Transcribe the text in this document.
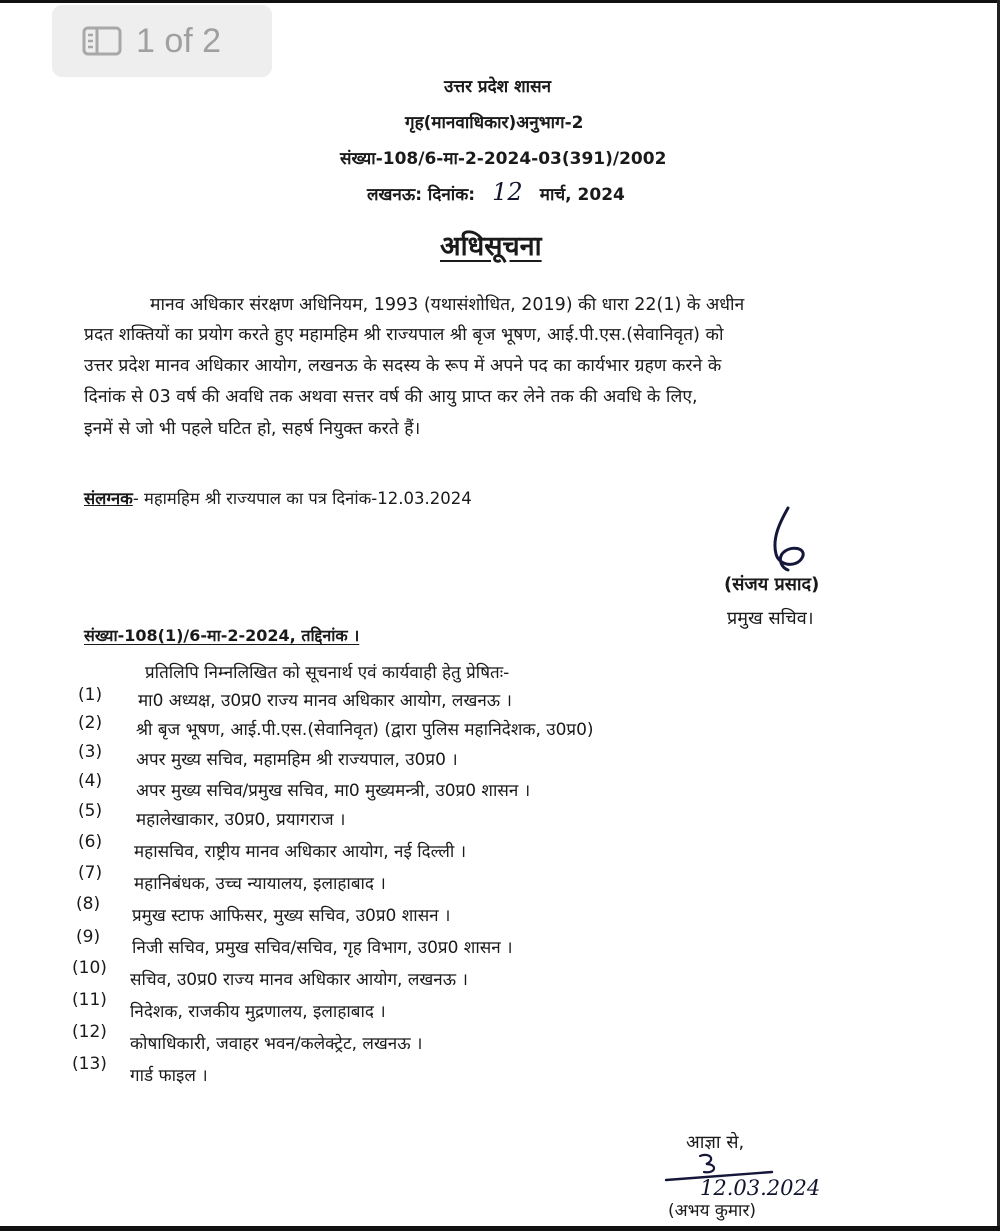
1 of 2
उत्तर प्रदेश शासन
गृह(मानवाधिकार)अनुभाग-2
संख्या-108/6-मा-2-2024-03(391)/2002
लखनऊ: दिनांक: 12 मार्च, 2024
अधिसूचना
मानव अधिकार संरक्षण अधिनियम, 1993 (यथासंशोधित, 2019) की धारा 22(1) के अधीन
प्रदत शक्तियों का प्रयोग करते हुए महामहिम श्री राज्यपाल श्री बृज भूषण, आई.पी.एस.(सेवानिवृत) को
उत्तर प्रदेश मानव अधिकार आयोग, लखनऊ के सदस्य के रूप में अपने पद का कार्यभार ग्रहण करने के
दिनांक से 03 वर्ष की अवधि तक अथवा सत्तर वर्ष की आयु प्राप्त कर लेने तक की अवधि के लिए,
इनमें से जो भी पहले घटित हो, सहर्ष नियुक्त करते हैं।
संलग्नक- महामहिम श्री राज्यपाल का पत्र दिनांक-12.03.2024
(संजय प्रसाद)
प्रमुख सचिव।
संख्या-108(1)/6-मा-2-2024, तद्दिनांक ।
प्रतिलिपि निम्नलिखित को सूचनार्थ एवं कार्यवाही हेतु प्रेषितः-
(1)	मा0 अध्यक्ष, उ0प्र0 राज्य मानव अधिकार आयोग, लखनऊ ।
(2)	श्री बृज भूषण, आई.पी.एस.(सेवानिवृत) (द्वारा पुलिस महानिदेशक, उ0प्र0)
(3)	अपर मुख्य सचिव, महामहिम श्री राज्यपाल, उ0प्र0 ।
(4)	अपर मुख्य सचिव/प्रमुख सचिव, मा0 मुख्यमन्त्री, उ0प्र0 शासन ।
(5)	महालेखाकार, उ0प्र0, प्रयागराज ।
(6)	महासचिव, राष्ट्रीय मानव अधिकार आयोग, नई दिल्ली ।
(7)
महानिबंधक, उच्च न्यायालय, इलाहाबाद ।
(8)
प्रमुख स्टाफ आफिसर, मुख्य सचिव, उ0प्र0 शासन ।
(9)
निजी सचिव, प्रमुख सचिव/सचिव, गृह विभाग, उ0प्र0 शासन ।
(10)
सचिव, उ0प्र0 राज्य मानव अधिकार आयोग, लखनऊ ।
(11)
निदेशक, राजकीय मुद्रणालय, इलाहाबाद ।
(12)
कोषाधिकारी, जवाहर भवन/कलेक्ट्रेट, लखनऊ ।
(13)
गार्ड फाइल ।
आज्ञा से,
12.03.2024
(अभय कुमार)
